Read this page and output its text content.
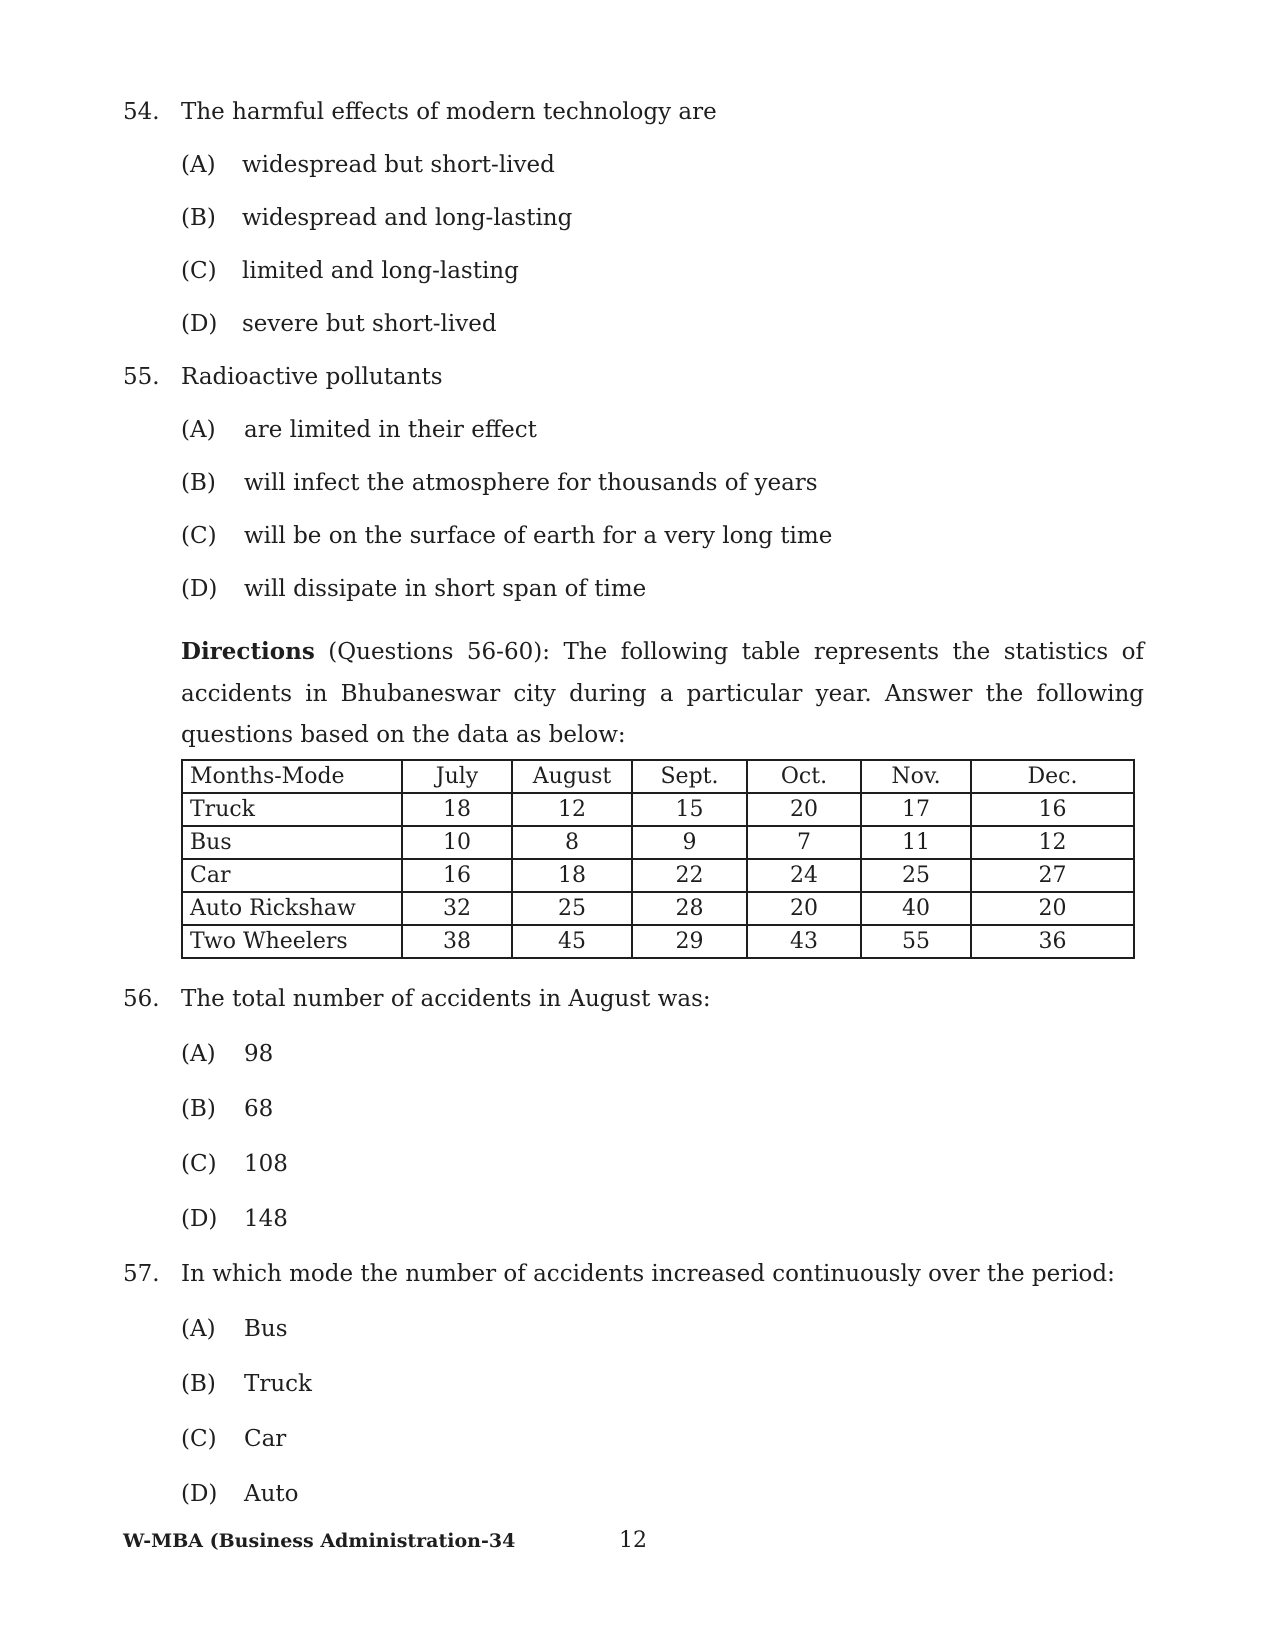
54. The harmful effects of modern technology are
(A) widespread but short-lived
(B) widespread and long-lasting
(C) limited and long-lasting
(D) severe but short-lived
55. Radioactive pollutants
(A) are limited in their effect
(B) will infect the atmosphere for thousands of years
(C) will be on the surface of earth for a very long time
(D) will dissipate in short span of time

Directions (Questions 56-60): The following table represents the statistics of accidents in Bhubaneswar city during a particular year. Answer the following questions based on the data as below:

Months-Mode	July	August	Sept.	Oct.	Nov.	Dec.
Truck	18	12	15	20	17	16
Bus	10	8	9	7	11	12
Car	16	18	22	24	25	27
Auto Rickshaw	32	25	28	20	40	20
Two Wheelers	38	45	29	43	55	36
56. The total number of accidents in August was:
(A) 98
(B) 68
(C) 108
(D) 148
57. In which mode the number of accidents increased continuously over the period:
(A) Bus
(B) Truck
(C) Car
(D) Auto
W-MBA (Business Administration-34	12
